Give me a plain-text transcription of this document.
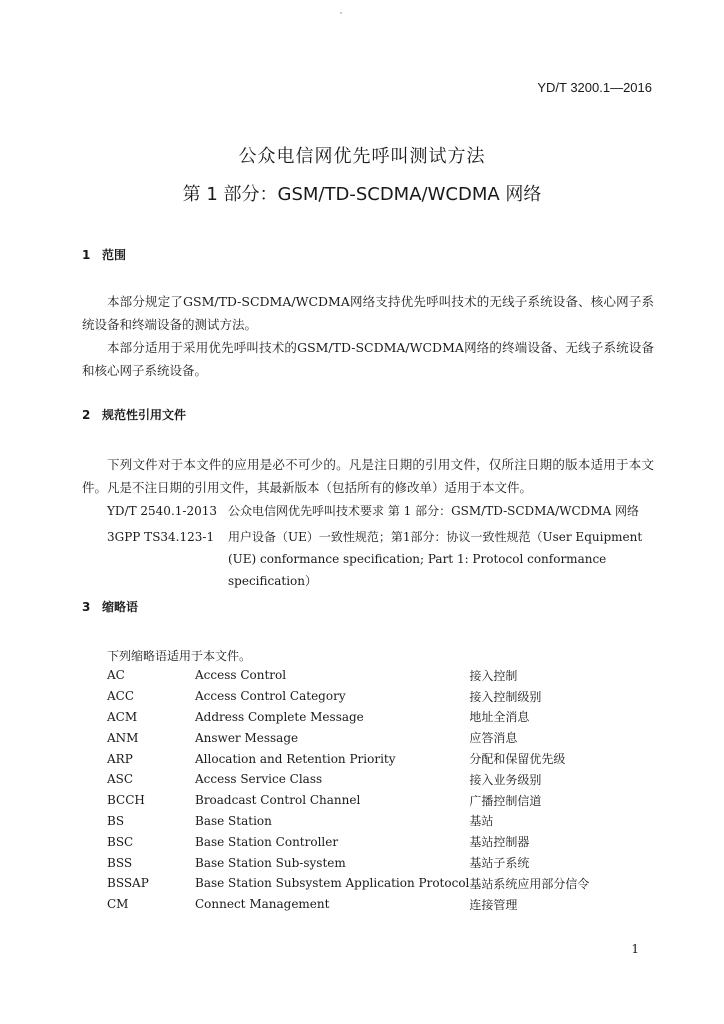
YD/T 3200.1—2016
公众电信网优先呼叫测试方法
第 1 部分：GSM/TD-SCDMA/WCDMA 网络
1 范围

本部分规定了GSM/TD-SCDMA/WCDMA网络支持优先呼叫技术的无线子系统设备、核心网子系统设备和终端设备的测试方法。

本部分适用于采用优先呼叫技术的GSM/TD-SCDMA/WCDMA网络的终端设备、无线子系统设备和核心网子系统设备。

2 规范性引用文件

下列文件对于本文件的应用是必不可少的。凡是注日期的引用文件，仅所注日期的版本适用于本文件。凡是不注日期的引用文件，其最新版本（包括所有的修改单）适用于本文件。

YD/T 2540.1-2013 公众电信网优先呼叫技术要求 第 1 部分：GSM/TD-SCDMA/WCDMA 网络
3GPP TS34.123-1 用户设备（UE）一致性规范；第1部分：协议一致性规范（User Equipment (UE) conformance specification; Part 1: Protocol conformance specification）
3 缩略语
下列缩略语适用于本文件。
AC	Access Control	接入控制
ACC	Access Control Category	接入控制级别
ACM	Address Complete Message	地址全消息
ANM	Answer Message	应答消息
ARP	Allocation and Retention Priority	分配和保留优先级
ASC	Access Service Class	接入业务级别
BCCH	Broadcast Control Channel	广播控制信道
BS	Base Station	基站
BSC	Base Station Controller	基站控制器
BSS	Base Station Sub-system	基站子系统
BSSAP	Base Station Subsystem Application Protocol	基站系统应用部分信令
CM	Connect Management	连接管理
1
